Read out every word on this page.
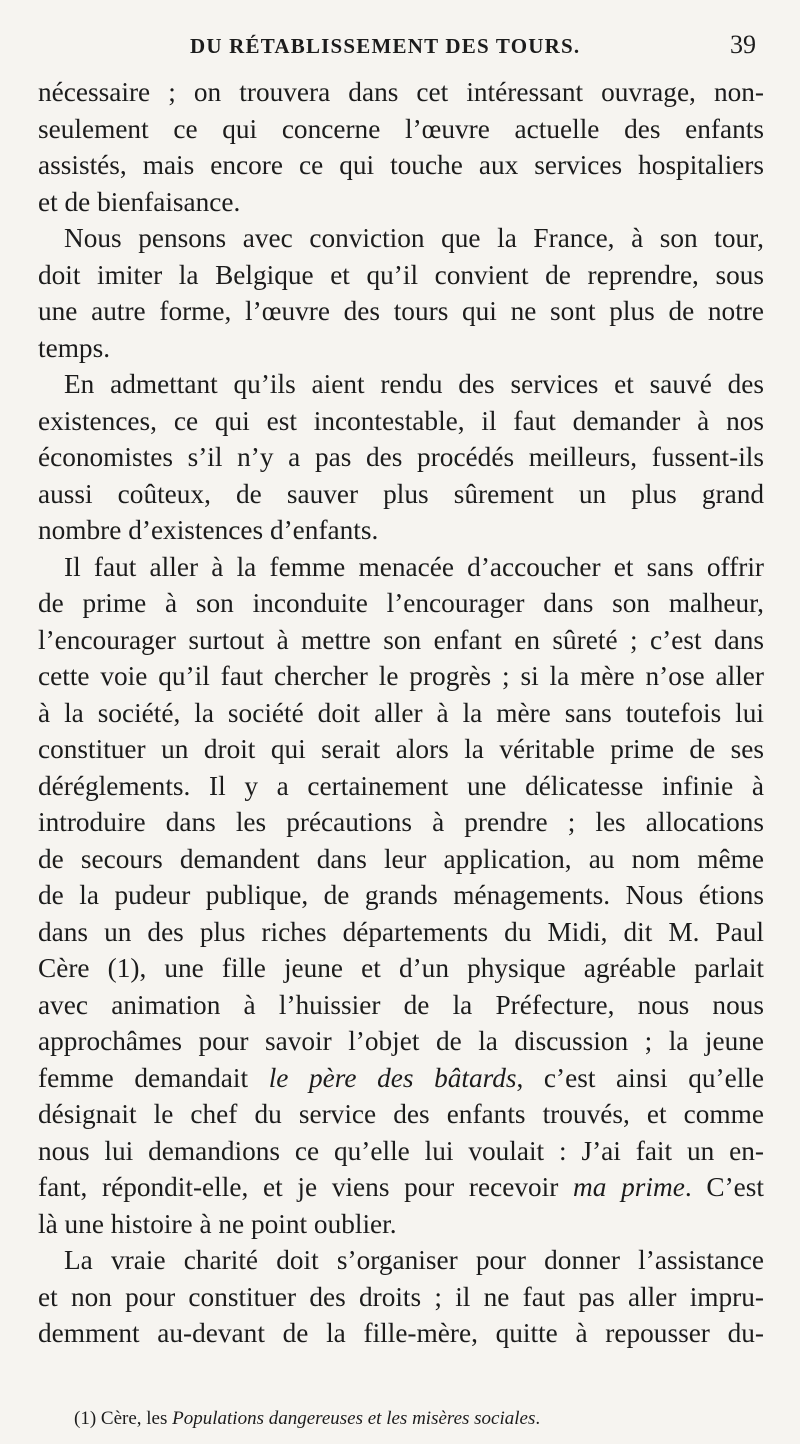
DU RÉTABLISSEMENT DES TOURS.	39
nécessaire ; on trouvera dans cet intéressant ouvrage, non-
seulement ce qui concerne l’œuvre actuelle des enfants
assistés, mais encore ce qui touche aux services hospitaliers
et de bienfaisance.
Nous pensons avec conviction que la France, à son tour,
doit imiter la Belgique et qu’il convient de reprendre, sous
une autre forme, l’œuvre des tours qui ne sont plus de notre
temps.
En admettant qu’ils aient rendu des services et sauvé des
existences, ce qui est incontestable, il faut demander à nos
économistes s’il n’y a pas des procédés meilleurs, fussent-ils
aussi coûteux, de sauver plus sûrement un plus grand
nombre d’existences d’enfants.
Il faut aller à la femme menacée d’accoucher et sans offrir
de prime à son inconduite l’encourager dans son malheur,
l’encourager surtout à mettre son enfant en sûreté ; c’est dans
cette voie qu’il faut chercher le progrès ; si la mère n’ose aller
à la société, la société doit aller à la mère sans toutefois lui
constituer un droit qui serait alors la véritable prime de ses
déréglements. Il y a certainement une délicatesse infinie à
introduire dans les précautions à prendre ; les allocations
de secours demandent dans leur application, au nom même
de la pudeur publique, de grands ménagements. Nous étions
dans un des plus riches départements du Midi, dit M. Paul
Cère (1), une fille jeune et d’un physique agréable parlait
avec animation à l’huissier de la Préfecture, nous nous
approchâmes pour savoir l’objet de la discussion ; la jeune
femme demandait le père des bâtards, c’est ainsi qu’elle
désignait le chef du service des enfants trouvés, et comme
nous lui demandions ce qu’elle lui voulait : J’ai fait un en-
fant, répondit-elle, et je viens pour recevoir ma prime. C’est
là une histoire à ne point oublier.
La vraie charité doit s’organiser pour donner l’assistance
et non pour constituer des droits ; il ne faut pas aller impru-
demment au-devant de la fille-mère, quitte à repousser du-
(1) Cère, les Populations dangereuses et les misères sociales.
